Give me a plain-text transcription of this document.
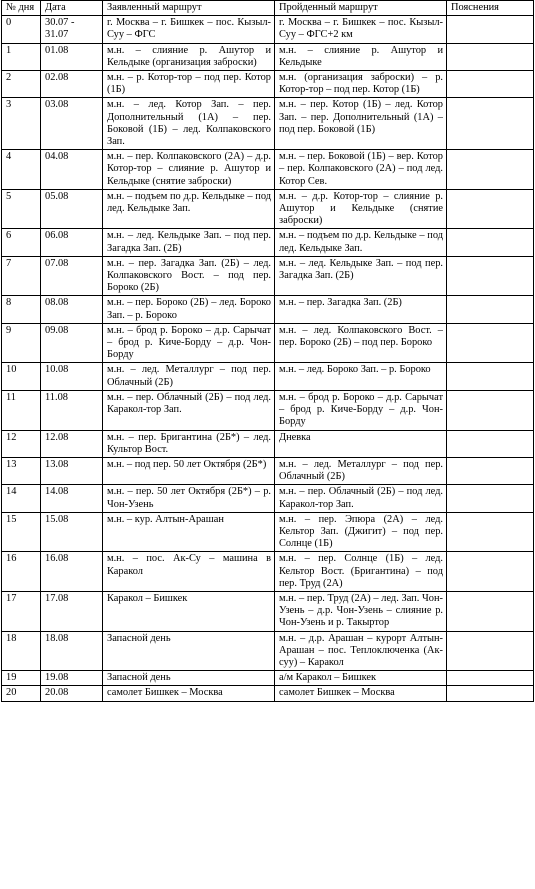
№ дня	Дата	Заявленный маршрут	Пройденный маршрут	Пояснения
0	30.07 - 31.07	г. Москва – г. Бишкек – пос. Кызыл-Суу – ФГС	г. Москва – г. Бишкек – пос. Кызыл-Суу – ФГС+2 км	
1	01.08	м.н. – слияние р. Ашутор и Кельдыке (организация заброски)	м.н. – слияние р. Ашутор и Кельдыке	
2	02.08	м.н. – р. Котор-тор – под пер. Котор (1Б)	м.н. (организация заброски) – р. Котор-тор – под пер. Котор (1Б)	
3	03.08	м.н. – лед. Котор Зап. – пер. Дополнительный (1А) – пер. Боковой (1Б) – лед. Колпаковского Зап.	м.н. – пер. Котор (1Б) – лед. Котор Зап. – пер. Дополнительный (1А) – под пер. Боковой (1Б)	
4	04.08	м.н. – пер. Колпаковского (2А) – д.р. Котор-тор – слияние р. Ашутор и Кельдыке (снятие заброски)	м.н. – пер. Боковой (1Б) – вер. Котор – пер. Колпаковского (2А) – под лед. Котор Сев.	
5	05.08	м.н. – подъем по д.р. Кельдыке – под лед. Кельдыке Зап.	м.н. – д.р. Котор-тор – слияние р. Ашутор и Кельдыке (снятие заброски)	
6	06.08	м.н. – лед. Кельдыке Зап. – под пер. Загадка Зап. (2Б)	м.н. – подъем по д.р. Кельдыке – под лед. Кельдыке Зап.	
7	07.08	м.н. – пер. Загадка Зап. (2Б) – лед. Колпаковского Вост. – под пер. Бороко (2Б)	м.н. – лед. Кельдыке Зап. – под пер. Загадка Зап. (2Б)	
8	08.08	м.н. – пер. Бороко (2Б) – лед. Бороко Зап. – р. Бороко	м.н. – пер. Загадка Зап. (2Б)	
9	09.08	м.н. – брод р. Бороко – д.р. Сарычат – брод р. Киче-Борду – д.р. Чон-Борду	м.н. – лед. Колпаковского Вост. – пер. Бороко (2Б) – под пер. Бороко	
10	10.08	м.н. – лед. Металлург – под пер. Облачный (2Б)	м.н. – лед. Бороко Зап. – р. Бороко	
11	11.08	м.н. – пер. Облачный (2Б) – под лед. Каракол-тор Зап.	м.н. – брод р. Бороко – д.р. Сарычат – брод р. Киче-Борду – д.р. Чон-Борду	
12	12.08	м.н. – пер. Бригантина (2Б*) – лед. Культор Вост.	Дневка	
13	13.08	м.н. – под пер. 50 лет Октября (2Б*)	м.н. – лед. Металлург – под пер. Облачный (2Б)	
14	14.08	м.н. – пер. 50 лет Октября (2Б*) – р. Чон-Узень	м.н. – пер. Облачный (2Б) – под лед. Каракол-тор Зап.	
15	15.08	м.н. – кур. Алтын-Арашан	м.н. – пер. Эпюра (2А) – лед. Кельтор Зап. (Джигит) – под пер. Солнце (1Б)	
16	16.08	м.н. – пос. Ак-Су – машина в Каракол	м.н. – пер. Солнце (1Б) – лед. Кельтор Вост. (Бригантина) – под пер. Труд (2А)	
17	17.08	Каракол – Бишкек	м.н. – пер. Труд (2А) – лед. Зап. Чон-Узень – д.р. Чон-Узень – слияние р. Чон-Узень и р. Такыртор	
18	18.08	Запасной день	м.н. – д.р. Арашан – курорт Алтын-Арашан – пос. Теплоключенка (Ак-суу) – Каракол	
19	19.08	Запасной день	а/м Каракол – Бишкек	
20	20.08	самолет Бишкек – Москва	самолет Бишкек – Москва	
